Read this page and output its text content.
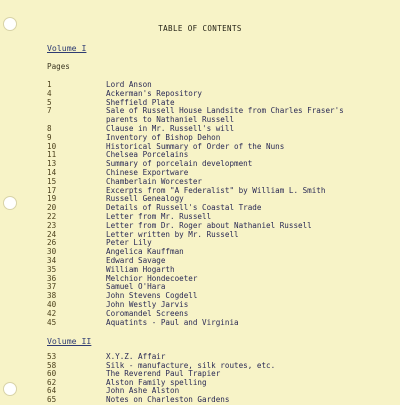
TABLE OF CONTENTS
Volume I
Pages
1	Lord Anson
4	Ackerman's Repository
5	Sheffield Plate
7	Sale of Russell House Landsite from Charles Fraser's
parents to Nathaniel Russell
8	Clause in Mr. Russell's will
9	Inventory of Bishop Dehon
10	Historical Summary of Order of the Nuns
11	Chelsea Porcelains
13	Summary of porcelain development
14	Chinese Exportware
15	Chamberlain Worcester
17	Excerpts from "A Federalist" by William L. Smith
19	Russell Genealogy
20	Details of Russell's Coastal Trade
22	Letter from Mr. Russell
23	Letter from Dr. Roger about Nathaniel Russell
24	Letter written by Mr. Russell
26	Peter Lily
30	Angelica Kauffman
34	Edward Savage
35	William Hogarth
36	Melchior Hondecoeter
37	Samuel O'Hara
38	John Stevens Cogdell
40	John Westly Jarvis
42	Coromandel Screens
45	Aquatints - Paul and Virginia
Volume II
53	X.Y.Z. Affair
58	Silk - manufacture, silk routes, etc.
60	The Reverend Paul Trapier
62	Alston Family spelling
64	John Ashe Alston
65	Notes on Charleston Gardens
